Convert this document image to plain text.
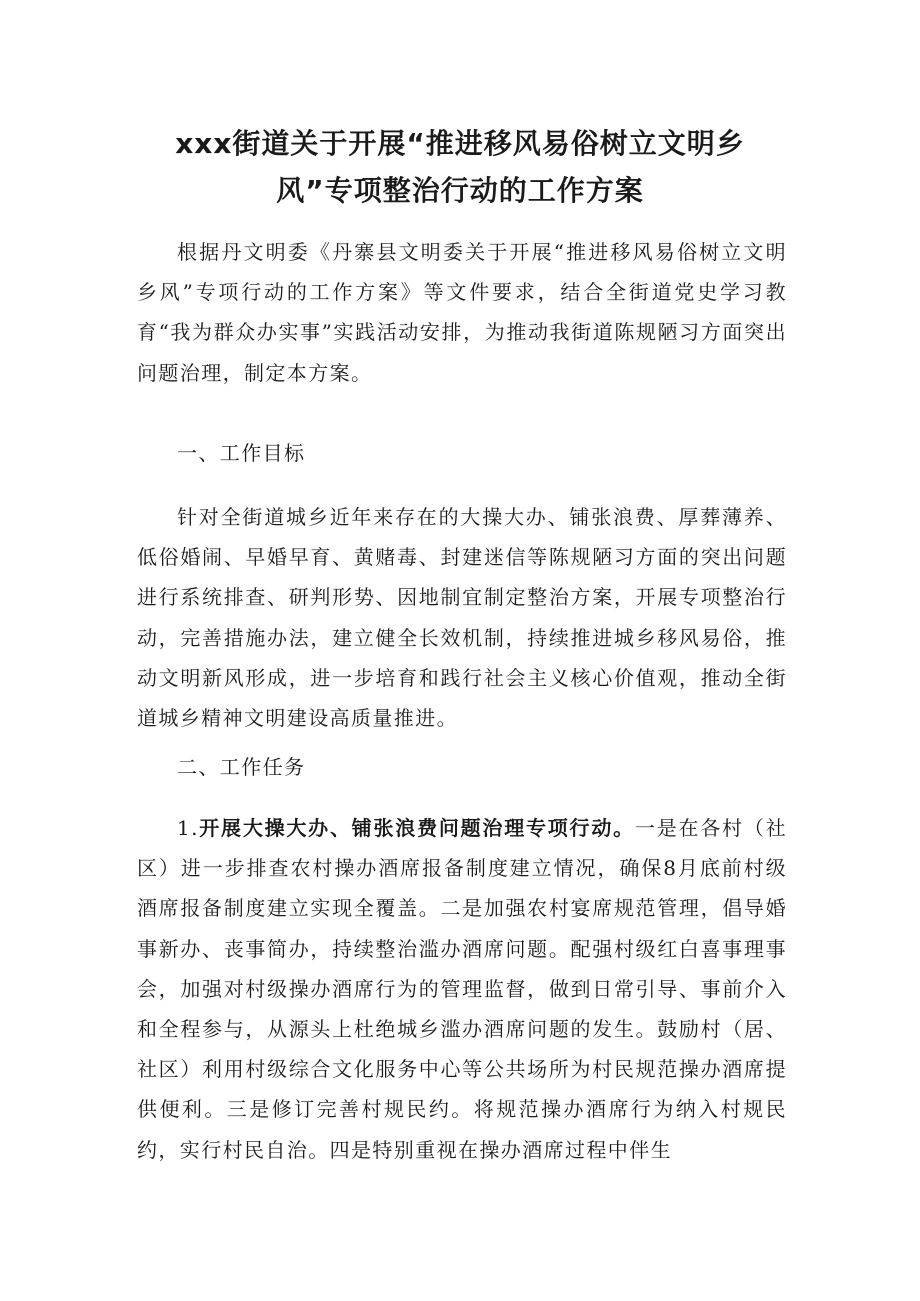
xxx街道关于开展“推进移风易俗树立文明乡
风”专项整治行动的工作方案

根据丹文明委《丹寨县文明委关于开展“推进移风易俗树立文明乡风”专项行动的工作方案》等文件要求，结合全街道党史学习教育“我为群众办实事”实践活动安排，为推动我街道陈规陋习方面突出问题治理，制定本方案。

一、工作目标

针对全街道城乡近年来存在的大操大办、铺张浪费、厚葬薄养、低俗婚闹、早婚早育、黄赌毒、封建迷信等陈规陋习方面的突出问题进行系统排查、研判形势、因地制宜制定整治方案，开展专项整治行动，完善措施办法，建立健全长效机制，持续推进城乡移风易俗，推动文明新风形成，进一步培育和践行社会主义核心价值观，推动全街道城乡精神文明建设高质量推进。

二、工作任务

1.开展大操大办、铺张浪费问题治理专项行动。一是在各村（社区）进一步排查农村操办酒席报备制度建立情况，确保8月底前村级酒席报备制度建立实现全覆盖。二是加强农村宴席规范管理，倡导婚事新办、丧事简办，持续整治滥办酒席问题。配强村级红白喜事理事会，加强对村级操办酒席行为的管理监督，做到日常引导、事前介入和全程参与，从源头上杜绝城乡滥办酒席问题的发生。鼓励村（居、社区）利用村级综合文化服务中心等公共场所为村民规范操办酒席提供便利。三是修订完善村规民约。将规范操办酒席行为纳入村规民约，实行村民自治。四是特别重视在操办酒席过程中伴生
